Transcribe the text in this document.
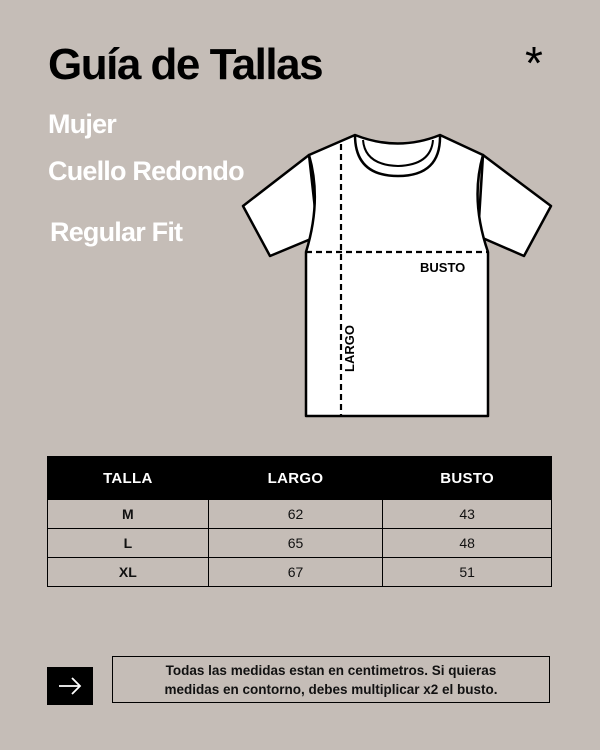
Guía de Tallas	*
Mujer
Cuello Redondo
Regular Fit
BUSTO
LARGO
TALLA	LARGO	BUSTO
M	62	43
L	65	48
XL	67	51
Todas las medidas estan en centimetros. Si quieras
medidas en contorno, debes multiplicar x2 el busto.
